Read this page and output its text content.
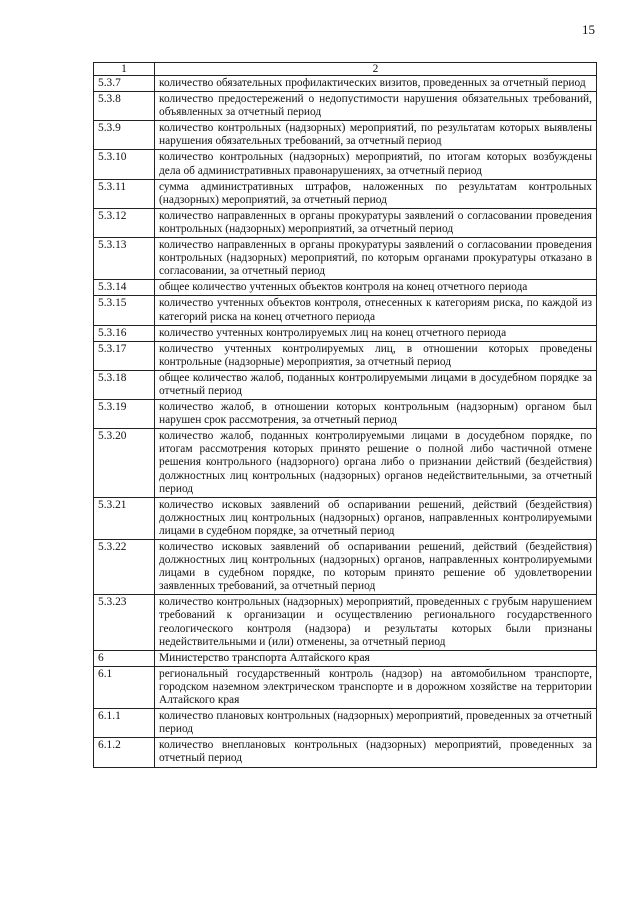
15
1	2
5.3.7	количество обязательных профилактических визитов, проведенных за отчетный период
5.3.8	количество предостережений о недопустимости нарушения обязательных требований, объявленных за отчетный период
5.3.9	количество контрольных (надзорных) мероприятий, по результатам которых выявлены нарушения обязательных требований, за отчетный период
5.3.10	количество контрольных (надзорных) мероприятий, по итогам которых возбуждены дела об административных правонарушениях, за отчетный период
5.3.11	сумма административных штрафов, наложенных по результатам контрольных (надзорных) мероприятий, за отчетный период
5.3.12	количество направленных в органы прокуратуры заявлений о согласовании проведения контрольных (надзорных) мероприятий, за отчетный период
5.3.13	количество направленных в органы прокуратуры заявлений о согласовании проведения контрольных (надзорных) мероприятий, по которым органами прокуратуры отказано в согласовании, за отчетный период
5.3.14	общее количество учтенных объектов контроля на конец отчетного периода
5.3.15	количество учтенных объектов контроля, отнесенных к категориям риска, по каждой из категорий риска на конец отчетного периода
5.3.16	количество учтенных контролируемых лиц на конец отчетного периода
5.3.17	количество учтенных контролируемых лиц, в отношении которых проведены контрольные (надзорные) мероприятия, за отчетный период
5.3.18	общее количество жалоб, поданных контролируемыми лицами в досудебном порядке за отчетный период
5.3.19	количество жалоб, в отношении которых контрольным (надзорным) органом был нарушен срок рассмотрения, за отчетный период
5.3.20	количество жалоб, поданных контролируемыми лицами в досудебном порядке, по итогам рассмотрения которых принято решение о полной либо частичной отмене решения контрольного (надзорного) органа либо о признании действий (бездействия) должностных лиц контрольных (надзорных) органов недействительными, за отчетный период
5.3.21	количество исковых заявлений об оспаривании решений, действий (бездействия) должностных лиц контрольных (надзорных) органов, направленных контролируемыми лицами в судебном порядке, за отчетный период
5.3.22	количество исковых заявлений об оспаривании решений, действий (бездействия) должностных лиц контрольных (надзорных) органов, направленных контролируемыми лицами в судебном порядке, по которым принято решение об удовлетворении заявленных требований, за отчетный период
5.3.23	количество контрольных (надзорных) мероприятий, проведенных с грубым нарушением требований к организации и осуществлению регионального государственного геологического контроля (надзора) и результаты которых были признаны недействительными и (или) отменены, за отчетный период
6	Министерство транспорта Алтайского края
6.1	региональный государственный контроль (надзор) на автомобильном транспорте, городском наземном электрическом транспорте и в дорожном хозяйстве на территории Алтайского края
6.1.1	количество плановых контрольных (надзорных) мероприятий, проведенных за отчетный период
6.1.2	количество внеплановых контрольных (надзорных) мероприятий, проведенных за отчетный период
